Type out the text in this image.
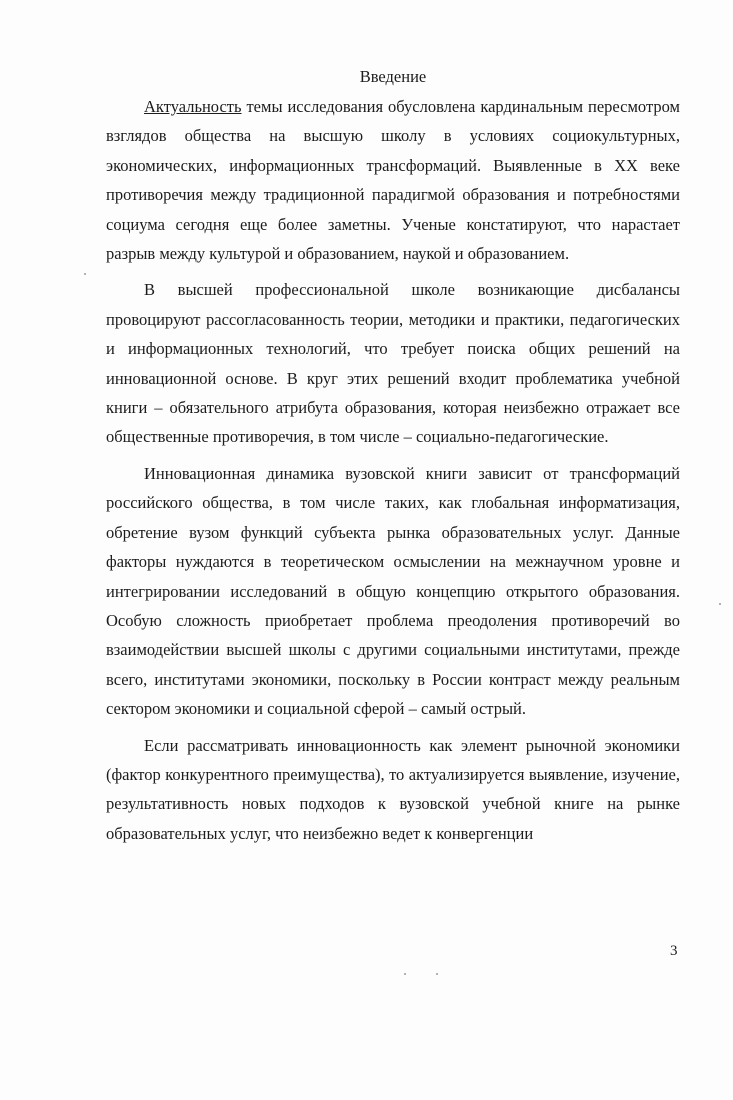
Введение

Актуальность темы исследования обусловлена кардинальным пересмотром взглядов общества на высшую школу в условиях социокультурных, экономических, информационных трансформаций. Выявленные в XX веке противоречия между традиционной парадигмой образования и потребностями социума сегодня еще более заметны. Ученые констатируют, что нарастает разрыв между культурой и образованием, наукой и образованием.

В высшей профессиональной школе возникающие дисбалансы провоцируют рассогласованность теории, методики и практики, педагогических и информационных технологий, что требует поиска общих решений на инновационной основе. В круг этих решений входит проблематика учебной книги – обязательного атрибута образования, которая неизбежно отражает все общественные противоречия, в том числе – социально-педагогические.

Инновационная динамика вузовской книги зависит от трансформаций российского общества, в том числе таких, как глобальная информатизация, обретение вузом функций субъекта рынка образовательных услуг. Данные факторы нуждаются в теоретическом осмыслении на межнаучном уровне и интегрировании исследований в общую концепцию открытого образования. Особую сложность приобретает проблема преодоления противоречий во взаимодействии высшей школы с другими социальными институтами, прежде всего, институтами экономики, поскольку в России контраст между реальным сектором экономики и социальной сферой – самый острый.

Если рассматривать инновационность как элемент рыночной экономики (фактор конкурентного преимущества), то актуализируется выявление, изучение, результативность новых подходов к вузовской учебной книге на рынке образовательных услуг, что неизбежно ведет к конвергенции

3
